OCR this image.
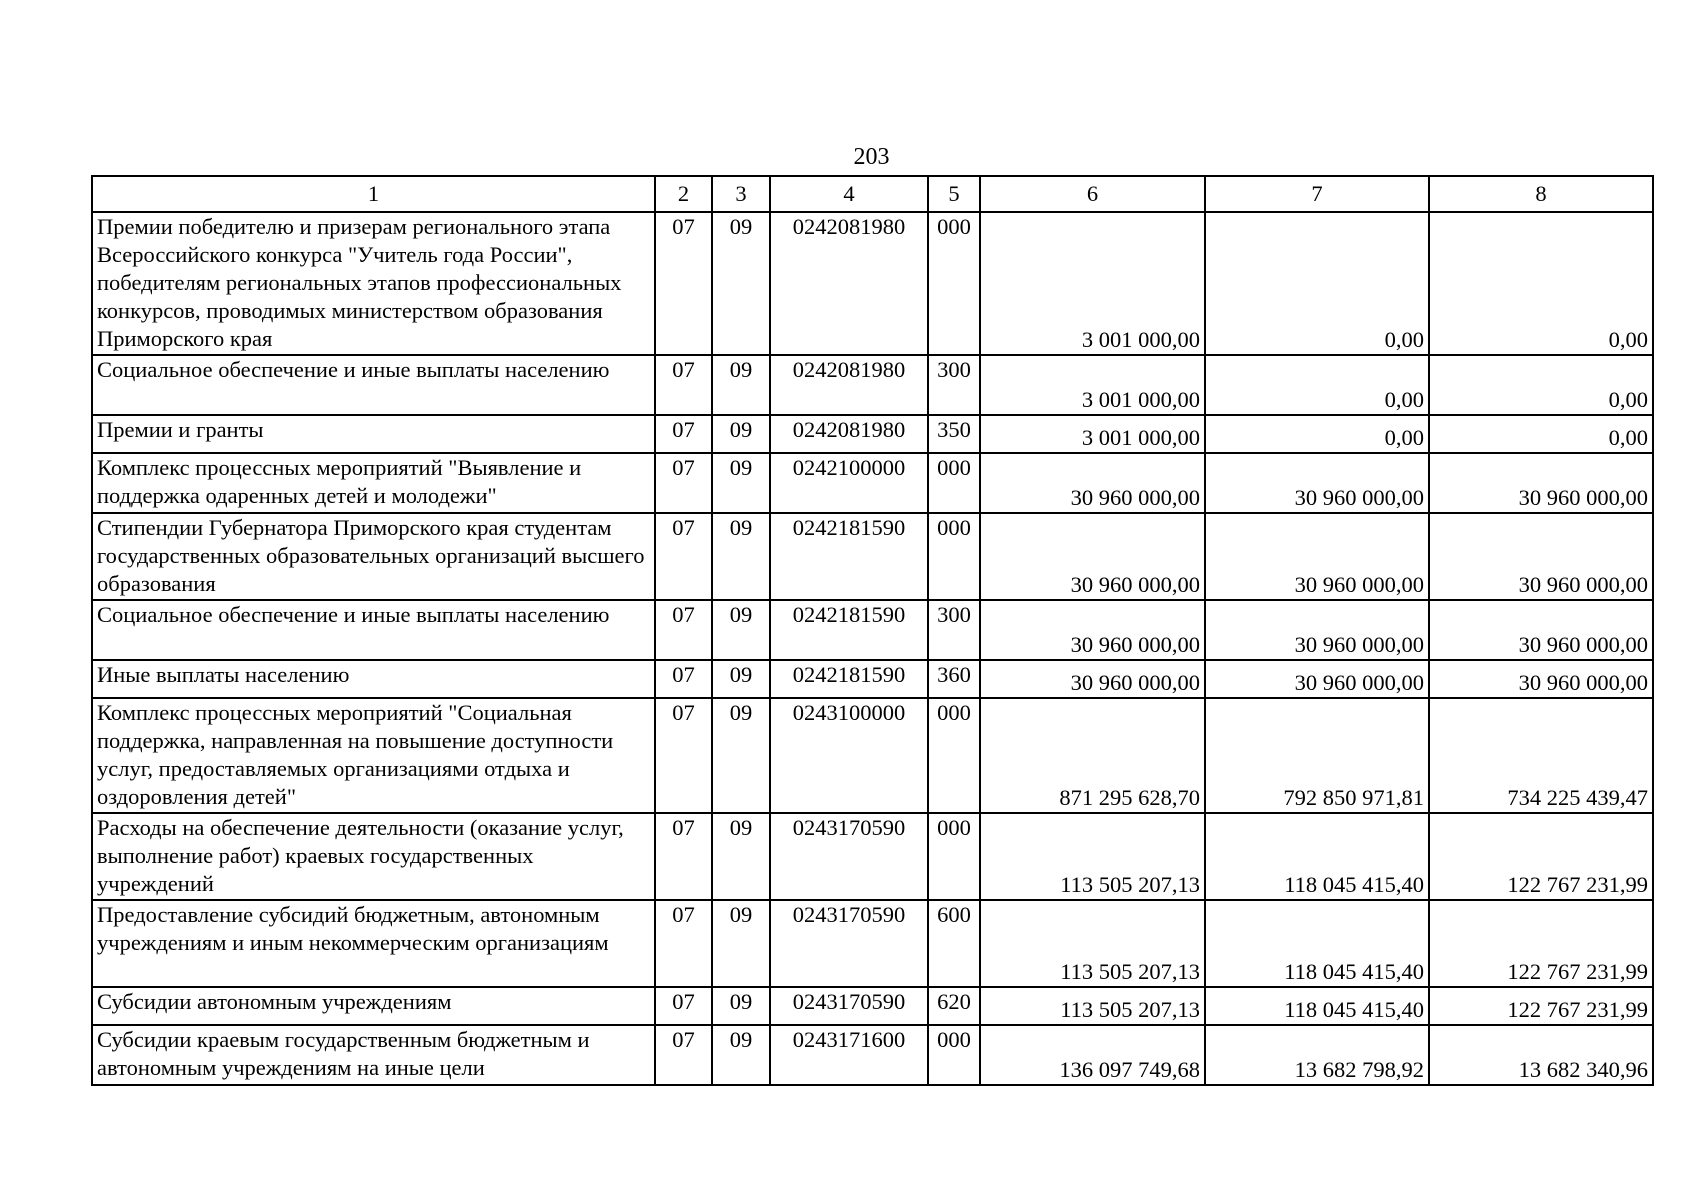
203
1	2	3	4	5	6	7	8
Премии победителю и призерам регионального этапа Всероссийского конкурса "Учитель года России", победителям региональных этапов профессиональных конкурсов, проводимых министерством образования Приморского края	07	09	0242081980	000	3 001 000,00	0,00	0,00
Социальное обеспечение и иные выплаты населению	07	09	0242081980	300	3 001 000,00	0,00	0,00
Премии и гранты	07	09	0242081980	350	3 001 000,00	0,00	0,00
Комплекс процессных мероприятий "Выявление и поддержка одаренных детей и молодежи"	07	09	0242100000	000	30 960 000,00	30 960 000,00	30 960 000,00
Стипендии Губернатора Приморского края студентам государственных образовательных организаций высшего образования	07	09	0242181590	000	30 960 000,00	30 960 000,00	30 960 000,00
Социальное обеспечение и иные выплаты населению	07	09	0242181590	300	30 960 000,00	30 960 000,00	30 960 000,00
Иные выплаты населению	07	09	0242181590	360	30 960 000,00	30 960 000,00	30 960 000,00
Комплекс процессных мероприятий "Социальная поддержка, направленная на повышение доступности услуг, предоставляемых организациями отдыха и оздоровления детей"	07	09	0243100000	000	871 295 628,70	792 850 971,81	734 225 439,47
Расходы на обеспечение деятельности (оказание услуг, выполнение работ) краевых государственных учреждений	07	09	0243170590	000	113 505 207,13	118 045 415,40	122 767 231,99
Предоставление субсидий бюджетным, автономным учреждениям и иным некоммерческим организациям	07	09	0243170590	600	113 505 207,13	118 045 415,40	122 767 231,99
Субсидии автономным учреждениям	07	09	0243170590	620	113 505 207,13	118 045 415,40	122 767 231,99
Субсидии краевым государственным бюджетным и автономным учреждениям на иные цели	07	09	0243171600	000	136 097 749,68	13 682 798,92	13 682 340,96
